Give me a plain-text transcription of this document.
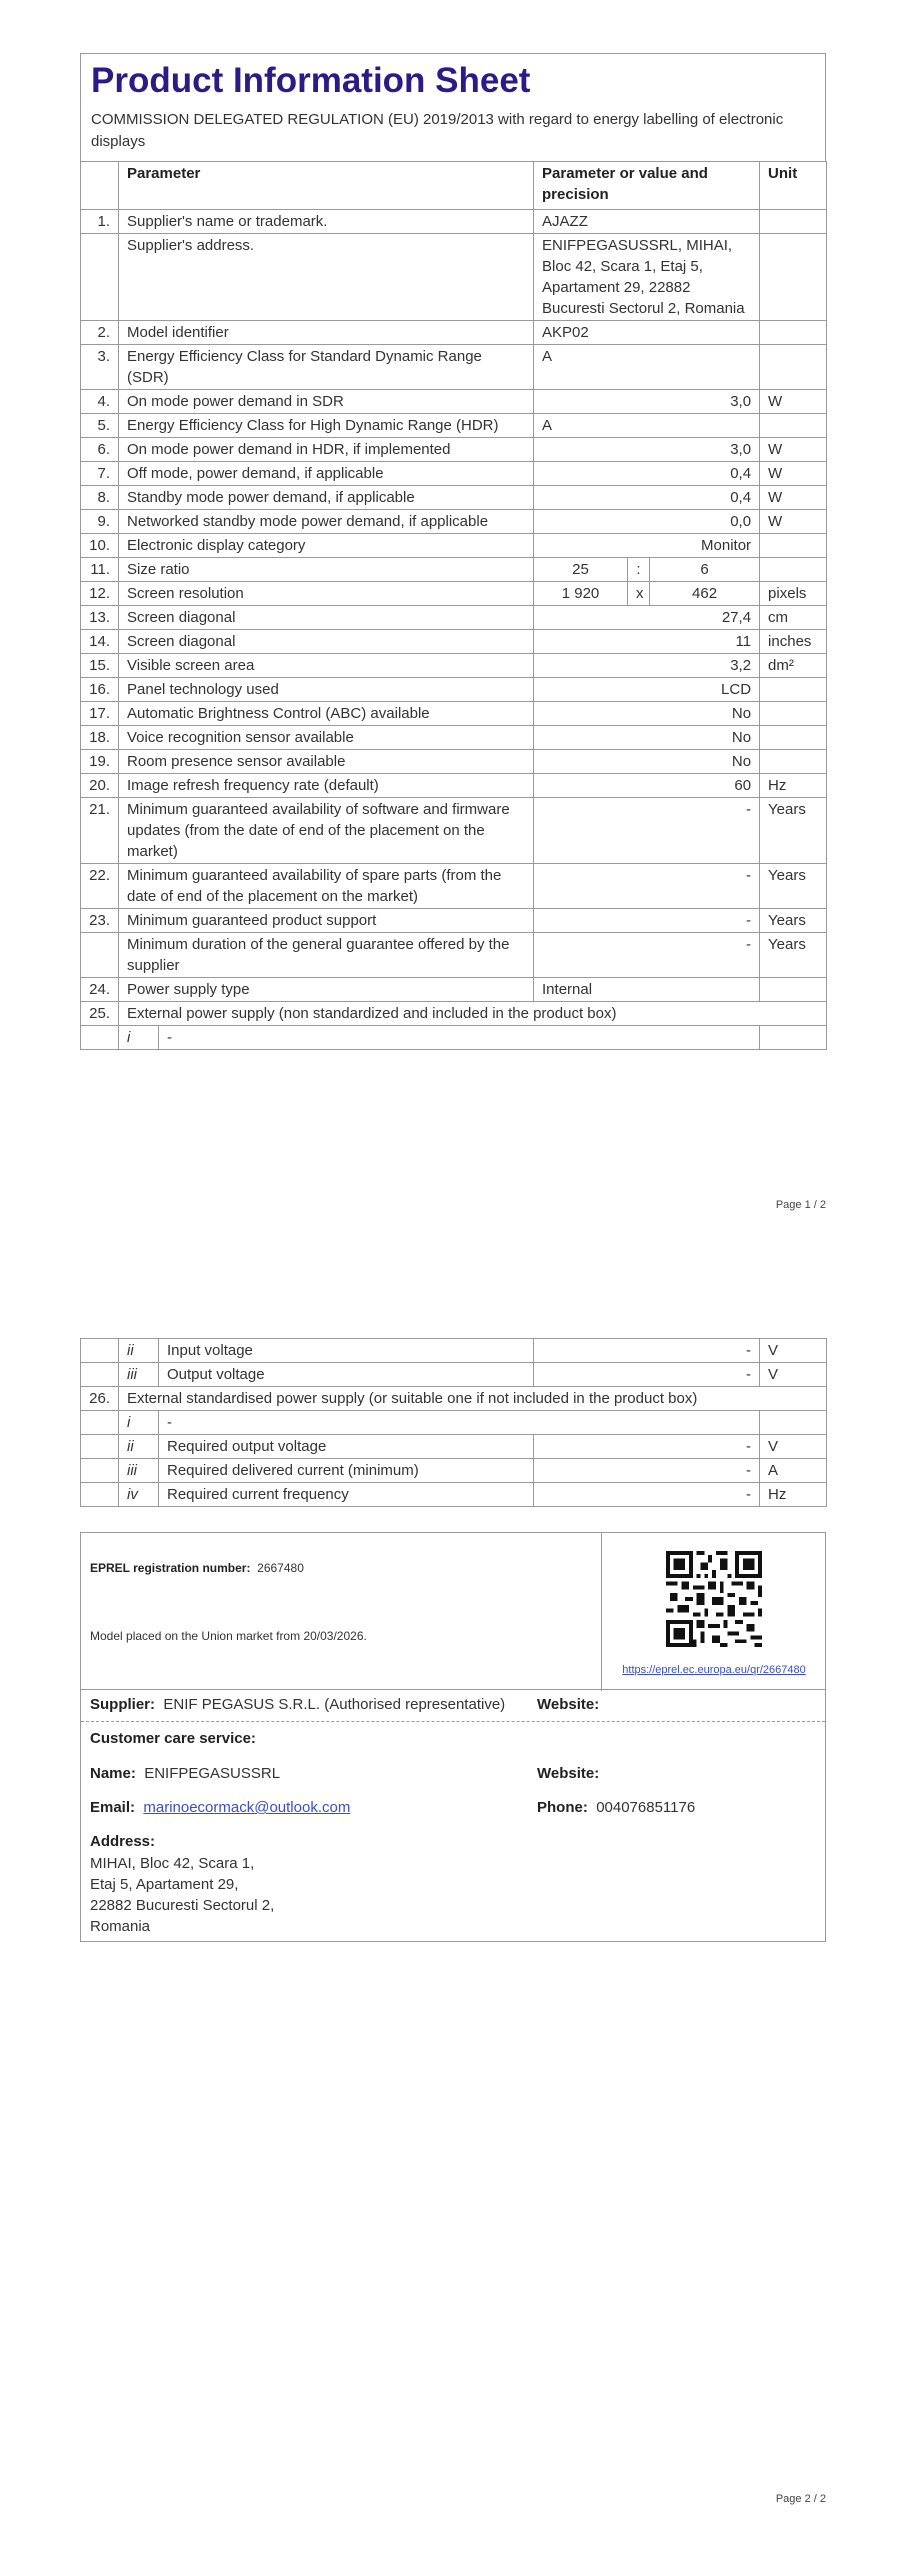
Product Information Sheet
COMMISSION DELEGATED REGULATION (EU) 2019/2013 with regard to energy labelling of electronic displays
	Parameter		Parameter or value and precision			Unit
1.	Supplier's name or trademark.		AJAZZ			
	Supplier's address.		ENIFPEGASUSSRL, MIHAI, Bloc 42, Scara 1, Etaj 5, Apartament 29, 22882 Bucuresti Sectorul 2, Romania			
2.	Model identifier		AKP02			
3.	Energy Efficiency Class for Standard Dynamic Range (SDR)		A			
4.	On mode power demand in SDR		3,0			W
5.	Energy Efficiency Class for High Dynamic Range (HDR)		A			
6.	On mode power demand in HDR, if implemented		3,0			W
7.	Off mode, power demand, if applicable		0,4			W
8.	Standby mode power demand, if applicable		0,4			W
9.	Networked standby mode power demand, if applicable		0,0			W
10.	Electronic display category		Monitor			
11.	Size ratio		25	:	6	
12.	Screen resolution		1 920	x	462	pixels
13.	Screen diagonal		27,4			cm
14.	Screen diagonal		11			inches
15.	Visible screen area		3,2			dm²
16.	Panel technology used		LCD			
17.	Automatic Brightness Control (ABC) available		No			
18.	Voice recognition sensor available		No			
19.	Room presence sensor available		No			
20.	Image refresh frequency rate (default)		60			Hz
21.	Minimum guaranteed availability of software and firmware updates (from the date of end of the placement on the market)		-			Years
22.	Minimum guaranteed availability of spare parts (from the date of end of the placement on the market)		-			Years
23.	Minimum guaranteed product support		-			Years
	Minimum duration of the general guarantee offered by the supplier		-			Years
24.	Power supply type		Internal			
25.	External power supply (non standardized and included in the product box)					
	i	-				
Page 1 / 2
	ii	Input voltage	-	V
	iii	Output voltage	-	V
26.	External standardised power supply (or suitable one if not included in the product box)			
	i	-		
	ii	Required output voltage	-	V
	iii	Required delivered current (minimum)	-	A
	iv	Required current frequency	-	Hz
EPREL registration number: 2667480
Model placed on the Union market from 20/03/2026.
https://eprel.ec.europa.eu/qr/2667480
Supplier: ENIF PEGASUS S.R.L. (Authorised representative) Website:
Customer care service:
Name: ENIFPEGASUSSRL	Website:
Email: marinoecormack@outlook.com	Phone: 004076851176
Address:
MIHAI, Bloc 42, Scara 1,
Etaj 5, Apartament 29,
22882 Bucuresti Sectorul 2,
Romania
Page 2 / 2
